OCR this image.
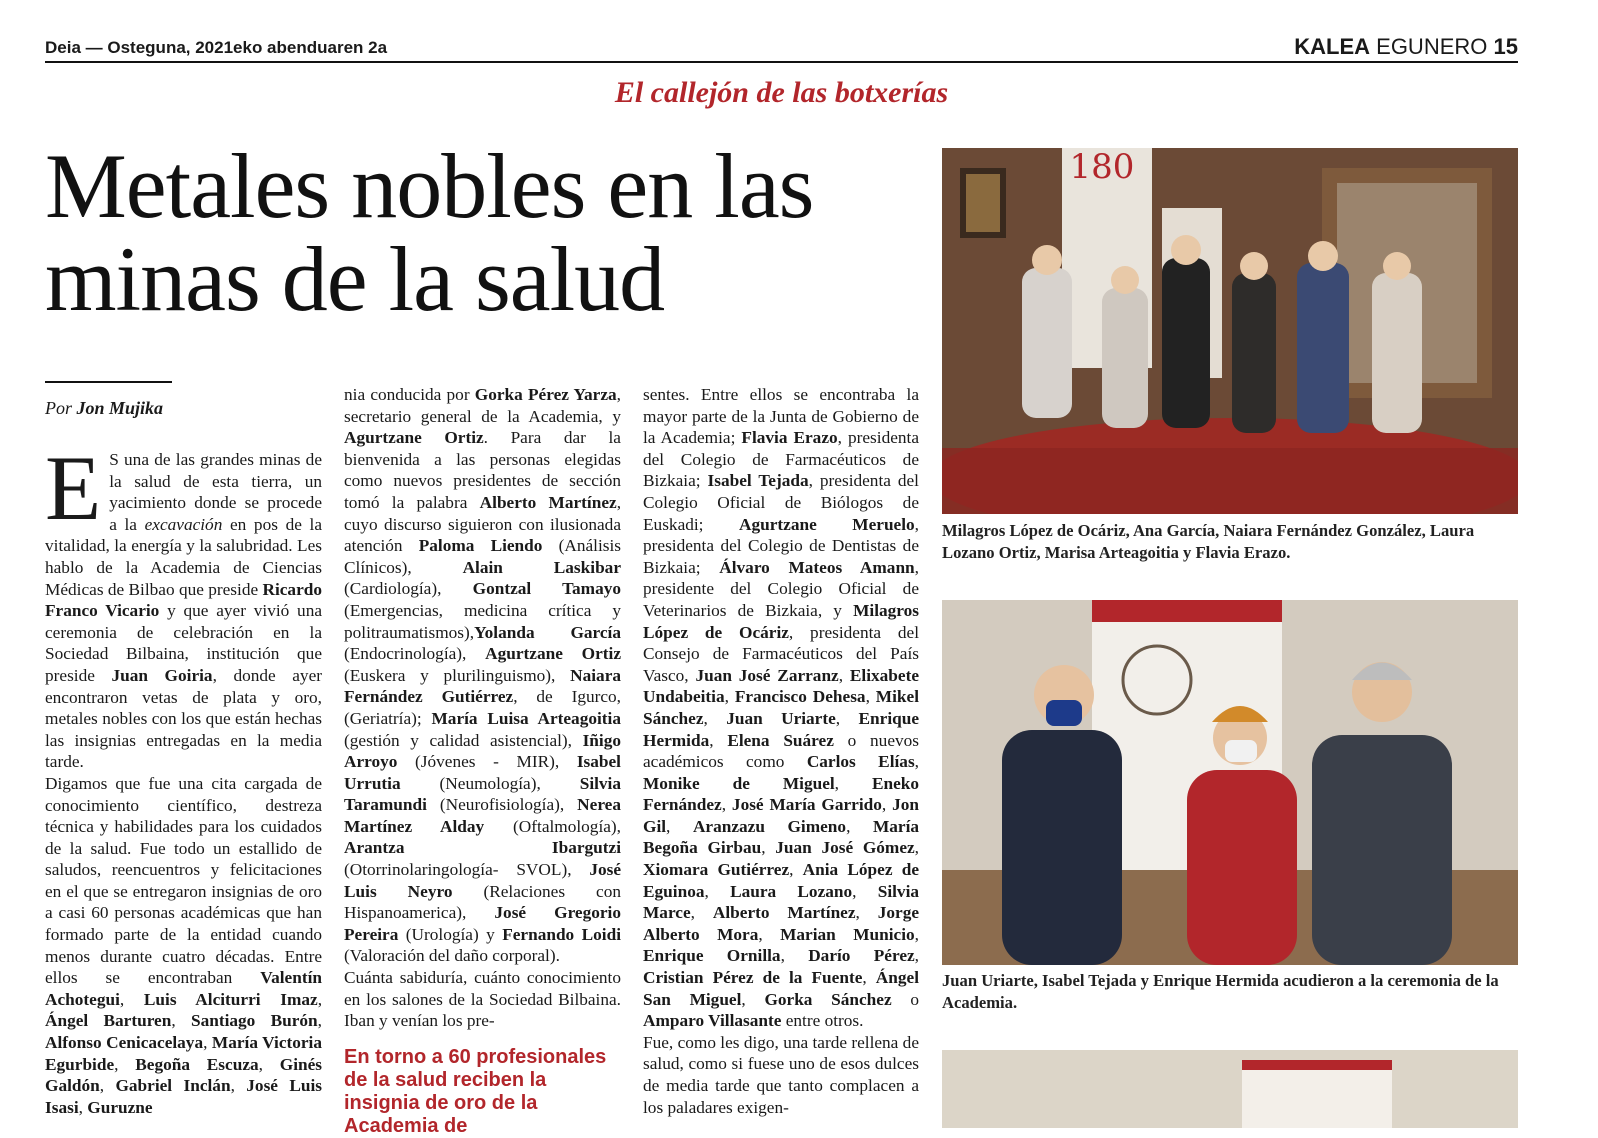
Deia — Osteguna, 2021eko abenduaren 2a	KALEA EGUNERO 15
El callejón de las botxerías
Metales nobles en las minas de la salud
Por Jon Mujika

E S una de las grandes minas de la salud de esta tierra, un yacimiento donde se procede a la excavación en pos de la vitalidad, la energía y la salubridad. Les hablo de la Academia de Ciencias Médicas de Bilbao que preside Ricardo Franco Vicario y que ayer vivió una ceremonia de celebración en la Sociedad Bilbaina, institución que preside Juan Goiria, donde ayer encontraron vetas de plata y oro, metales nobles con los que están hechas las insignias entregadas en la media tarde.

Digamos que fue una cita cargada de conocimiento científico, destreza técnica y habilidades para los cuidados de la salud. Fue todo un estallido de saludos, reencuentros y felicitaciones en el que se entregaron insignias de oro a casi 60 personas académicas que han formado parte de la entidad cuando menos durante cuatro décadas. Entre ellos se encontraban Valentín Achotegui, Luis Alciturri Imaz, Ángel Barturen, Santiago Burón, Alfonso Cenicacelaya, María Victoria Egurbide, Begoña Escuza, Ginés Galdón, Gabriel Inclán, José Luis Isasi, Guruzne

nia conducida por Gorka Pérez Yarza, secretario general de la Academia, y Agurtzane Ortiz. Para dar la bienvenida a las personas elegidas como nuevos presidentes de sección tomó la palabra Alberto Martínez, cuyo discurso siguieron con ilusionada atención Paloma Liendo (Análisis Clínicos), Alain Laskibar (Cardiología), Gontzal Tamayo (Emergencias, medicina crítica y politraumatismos),Yolanda García (Endocrinología), Agurtzane Ortiz (Euskera y plurilinguismo), Naiara Fernández Gutiérrez, de Igurco, (Geriatría); María Luisa Arteagoitia (gestión y calidad asistencial), Iñigo Arroyo (Jóvenes - MIR), Isabel Urrutia (Neumología), Silvia Taramundi (Neurofisiología), Nerea Martínez Alday (Oftalmología), Arantza Ibargutzi (Otorrinolaringología- SVOL), José Luis Neyro (Relaciones con Hispanoamerica), José Gregorio Pereira (Urología) y Fernando Loidi (Valoración del daño corporal).

Cuánta sabiduría, cuánto conocimiento en los salones de la Sociedad Bilbaina. Iban y venían los pre-

En torno a 60 profesionales de la salud reciben la insignia de oro de la Academia de

sentes. Entre ellos se encontraba la mayor parte de la Junta de Gobierno de la Academia; Flavia Erazo, presidenta del Colegio de Farmacéuticos de Bizkaia; Isabel Tejada, presidenta del Colegio Oficial de Biólogos de Euskadi; Agurtzane Meruelo, presidenta del Colegio de Dentistas de Bizkaia; Álvaro Mateos Amann, presidente del Colegio Oficial de Veterinarios de Bizkaia, y Milagros López de Ocáriz, presidenta del Consejo de Farmacéuticos del País Vasco, Juan José Zarranz, Elixabete Undabeitia, Francisco Dehesa, Mikel Sánchez, Juan Uriarte, Enrique Hermida, Elena Suárez o nuevos académicos como Carlos Elías, Monike de Miguel, Eneko Fernández, José María Garrido, Jon Gil, Aranzazu Gimeno, María Begoña Girbau, Juan José Gómez, Xiomara Gutiérrez, Ania López de Eguinoa, Laura Lozano, Silvia Marce, Alberto Martínez, Jorge Alberto Mora, Marian Municio, Enrique Ornilla, Darío Pérez, Cristian Pérez de la Fuente, Ángel San Miguel, Gorka Sánchez o Amparo Villasante entre otros.

Fue, como les digo, una tarde rellena de salud, como si fuese uno de esos dulces de media tarde que tanto complacen a los paladares exigen-

180
Milagros López de Ocáriz, Ana García, Naiara Fernández González, Laura Lozano Ortiz, Marisa Arteagoitia y Flavia Erazo.
Juan Uriarte, Isabel Tejada y Enrique Hermida acudieron a la ceremonia de la Academia.
